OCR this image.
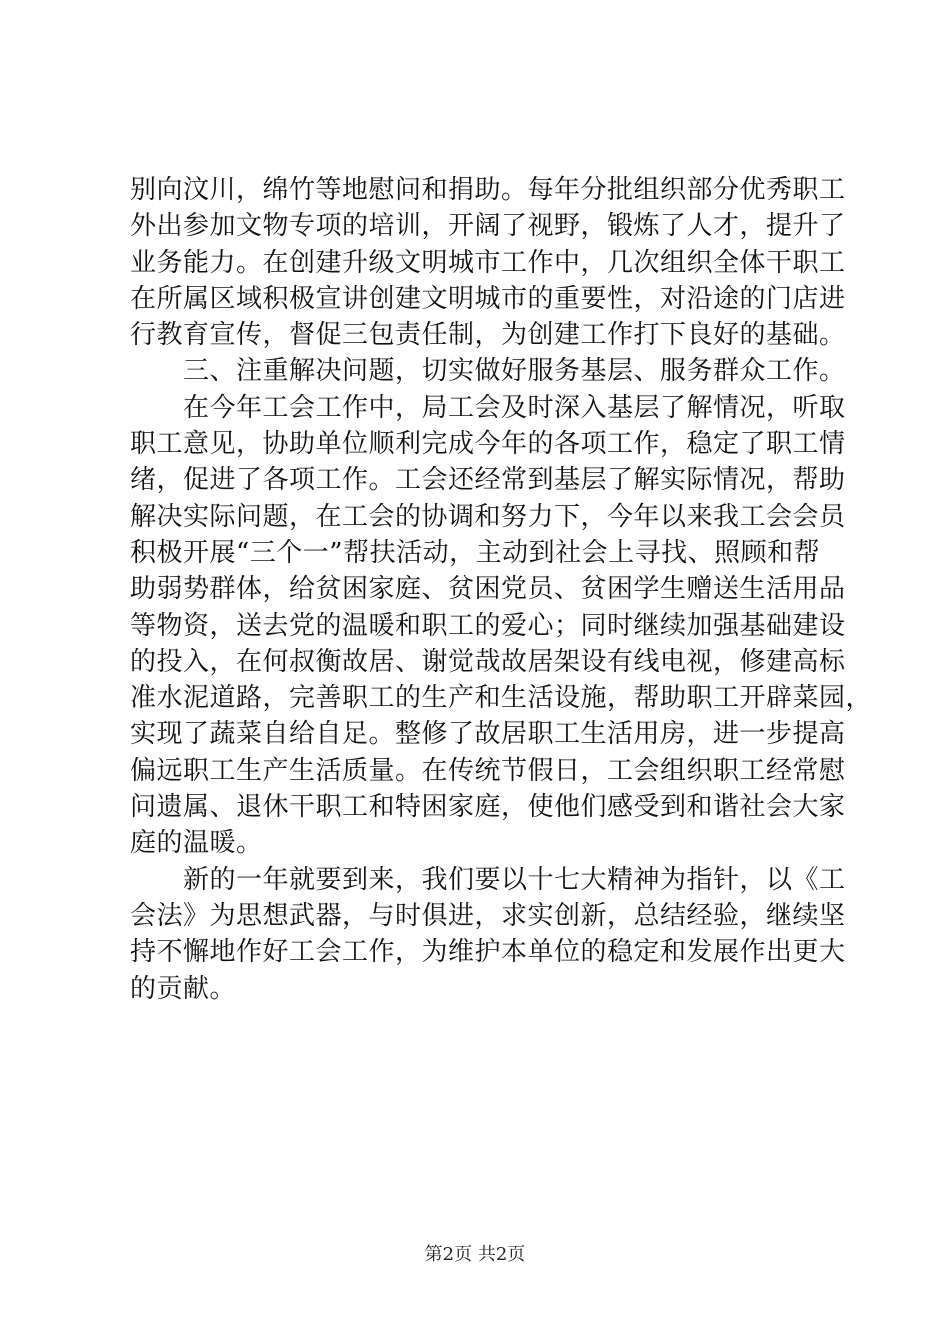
别向汶川，绵竹等地慰问和捐助。每年分批组织部分优秀职工
外出参加文物专项的培训，开阔了视野，锻炼了人才，提升了
业务能力。在创建升级文明城市工作中，几次组织全体干职工
在所属区域积极宣讲创建文明城市的重要性，对沿途的门店进
行教育宣传，督促三包责任制，为创建工作打下良好的基础。
三、注重解决问题，切实做好服务基层、服务群众工作。
在今年工会工作中，局工会及时深入基层了解情况，听取
职工意见，协助单位顺利完成今年的各项工作，稳定了职工情
绪，促进了各项工作。工会还经常到基层了解实际情况，帮助
解决实际问题，在工会的协调和努力下，今年以来我工会会员
积极开展“三个一”帮扶活动，主动到社会上寻找、照顾和帮
助弱势群体，给贫困家庭、贫困党员、贫困学生赠送生活用品
等物资，送去党的温暖和职工的爱心；同时继续加强基础建设
的投入，在何叔衡故居、谢觉哉故居架设有线电视，修建高标
准水泥道路，完善职工的生产和生活设施，帮助职工开辟菜园，
实现了蔬菜自给自足。整修了故居职工生活用房，进一步提高
偏远职工生产生活质量。在传统节假日，工会组织职工经常慰
问遗属、退休干职工和特困家庭，使他们感受到和谐社会大家
庭的温暖。
新的一年就要到来，我们要以十七大精神为指针，以《工
会法》为思想武器，与时俱进，求实创新，总结经验，继续坚
持不懈地作好工会工作，为维护本单位的稳定和发展作出更大
的贡献。
第2页 共2页
